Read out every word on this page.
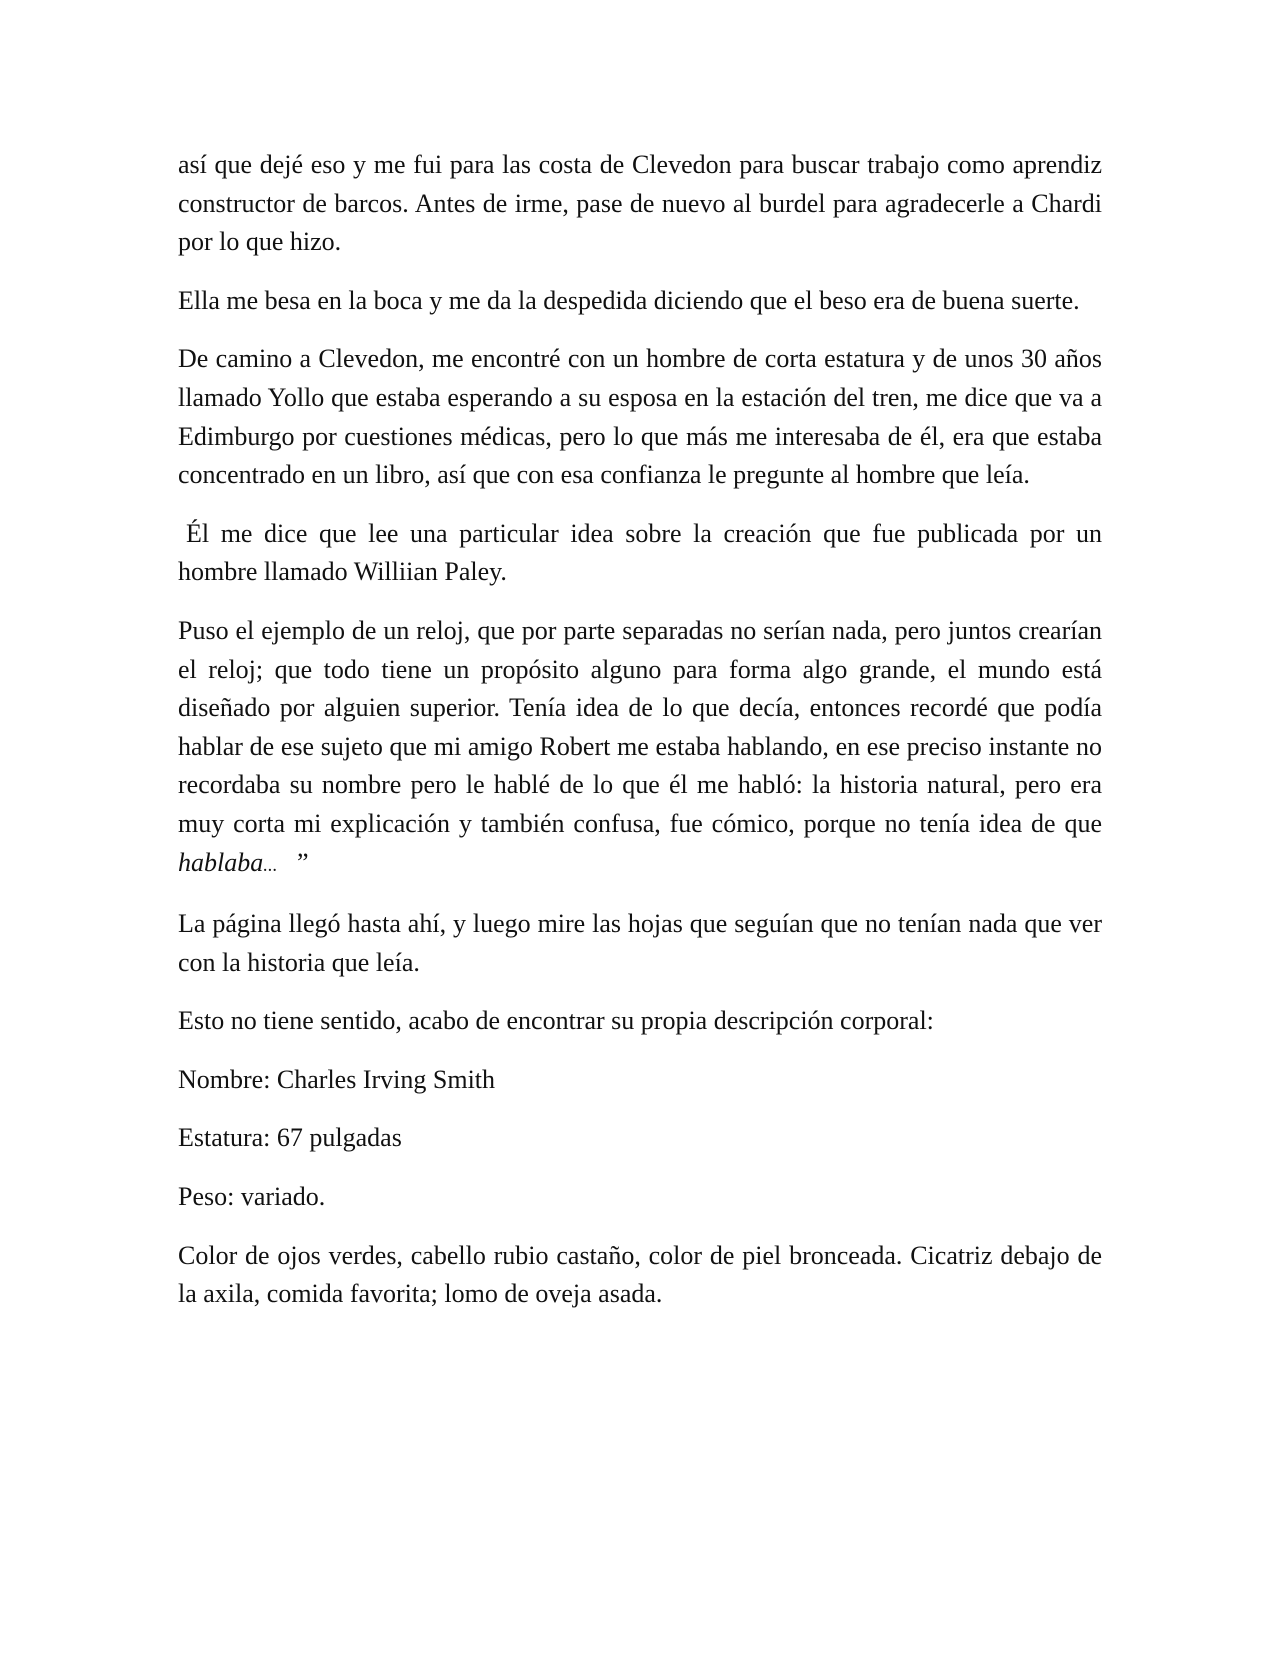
así que dejé eso y me fui para las costa de Clevedon para buscar trabajo como aprendiz constructor de barcos. Antes de irme, pase de nuevo al burdel para agradecerle a Chardi por lo que hizo.

Ella me besa en la boca y me da la despedida diciendo que el beso era de buena suerte.

De camino a Clevedon, me encontré con un hombre de corta estatura y de unos 30 años llamado Yollo que estaba esperando a su esposa en la estación del tren, me dice que va a Edimburgo por cuestiones médicas, pero lo que más me interesaba de él, era que estaba concentrado en un libro, así que con esa confianza le pregunte al hombre que leía.

Él me dice que lee una particular idea sobre la creación que fue publicada por un hombre llamado Williian Paley.

Puso el ejemplo de un reloj, que por parte separadas no serían nada, pero juntos crearían el reloj; que todo tiene un propósito alguno para forma algo grande, el mundo está diseñado por alguien superior. Tenía idea de lo que decía, entonces recordé que podía hablar de ese sujeto que mi amigo Robert me estaba hablando, en ese preciso instante no recordaba su nombre pero le hablé de lo que él me habló: la historia natural, pero era muy corta mi explicación y también confusa, fue cómico, porque no tenía idea de que hablaba... ”

La página llegó hasta ahí, y luego mire las hojas que seguían que no tenían nada que ver con la historia que leía.

Esto no tiene sentido, acabo de encontrar su propia descripción corporal:

Nombre: Charles Irving Smith

Estatura: 67 pulgadas

Peso: variado.

Color de ojos verdes, cabello rubio castaño, color de piel bronceada. Cicatriz debajo de la axila, comida favorita; lomo de oveja asada.
